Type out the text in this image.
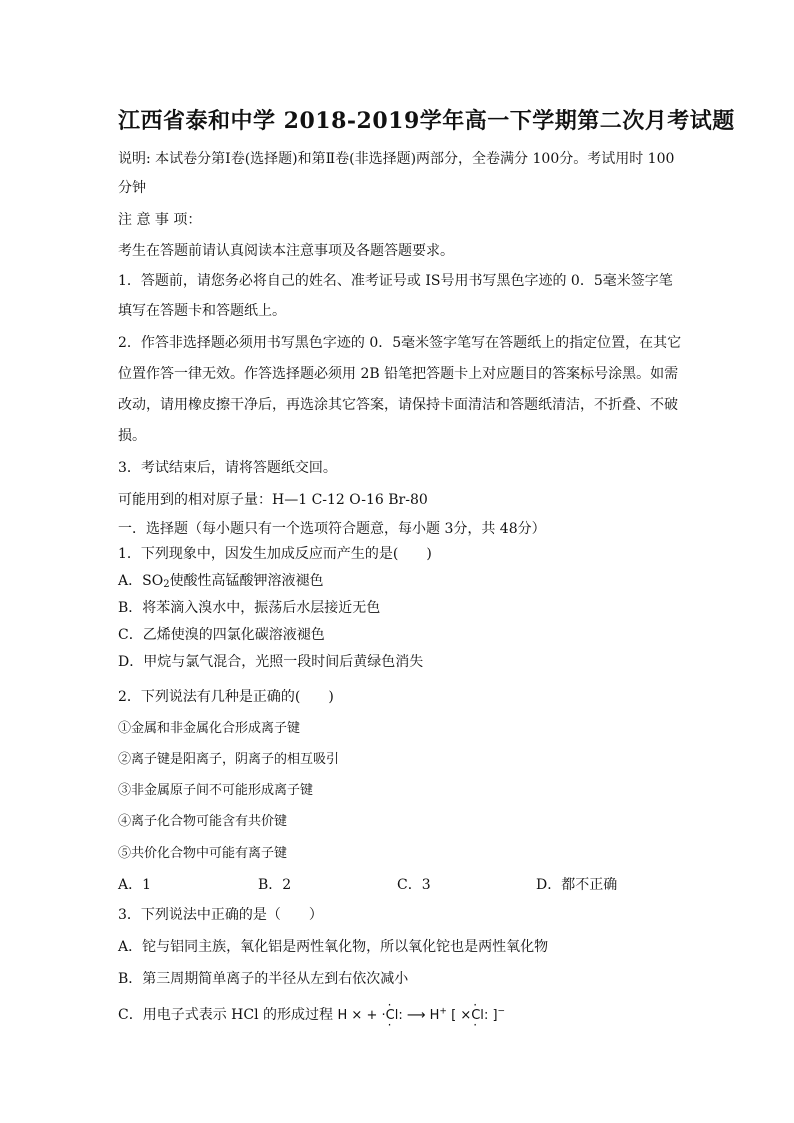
江西省泰和中学 2018-2019学年高一下学期第二次月考试题
说明: 本试卷分第Ⅰ卷(选择题)和第Ⅱ卷(非选择题)两部分，全卷满分 100分。考试用时 100
分钟
注 意 事 项：
考生在答题前请认真阅读本注意事项及各题答题要求。
1．答题前，请您务必将自己的姓名、准考证号或 IS号用书写黑色字迹的 0．5毫米签字笔
填写在答题卡和答题纸上。
2．作答非选择题必须用书写黑色字迹的 0．5毫米签字笔写在答题纸上的指定位置，在其它
位置作答一律无效。作答选择题必须用 2B 铅笔把答题卡上对应题目的答案标号涂黑。如需
改动，请用橡皮擦干净后，再选涂其它答案，请保持卡面清洁和答题纸清洁，不折叠、不破
损。
3．考试结束后，请将答题纸交回。
可能用到的相对原子量：H—1 C-12 O-16 Br-80
一．选择题（每小题只有一个选项符合题意，每小题 3分，共 48分）
1．下列现象中，因发生加成反应而产生的是(　　)
A．$SO_2$使酸性高锰酸钾溶液褪色
B．将苯滴入溴水中，振荡后水层接近无色
C．乙烯使溴的四氯化碳溶液褪色
D．甲烷与氯气混合，光照一段时间后黄绿色消失
2．下列说法有几种是正确的(　　)
①金属和非金属化合形成离子键
②离子键是阳离子，阴离子的相互吸引
③非金属原子间不可能形成离子键
④离子化合物可能含有共价键
⑤共价化合物中可能有离子键
A．1	B．2	C．3	D．都不正确
3．下列说法中正确的是（　　）
A．铊与铝同主族，氧化铝是两性氧化物，所以氧化铊也是两性氧化物
B．第三周期简单离子的半径从左到右依次减小
C．用电子式表示 HCl 的形成过程 H × + ·· Cl ·: ⟶ H+ [ ×· Cl ·: ]−
